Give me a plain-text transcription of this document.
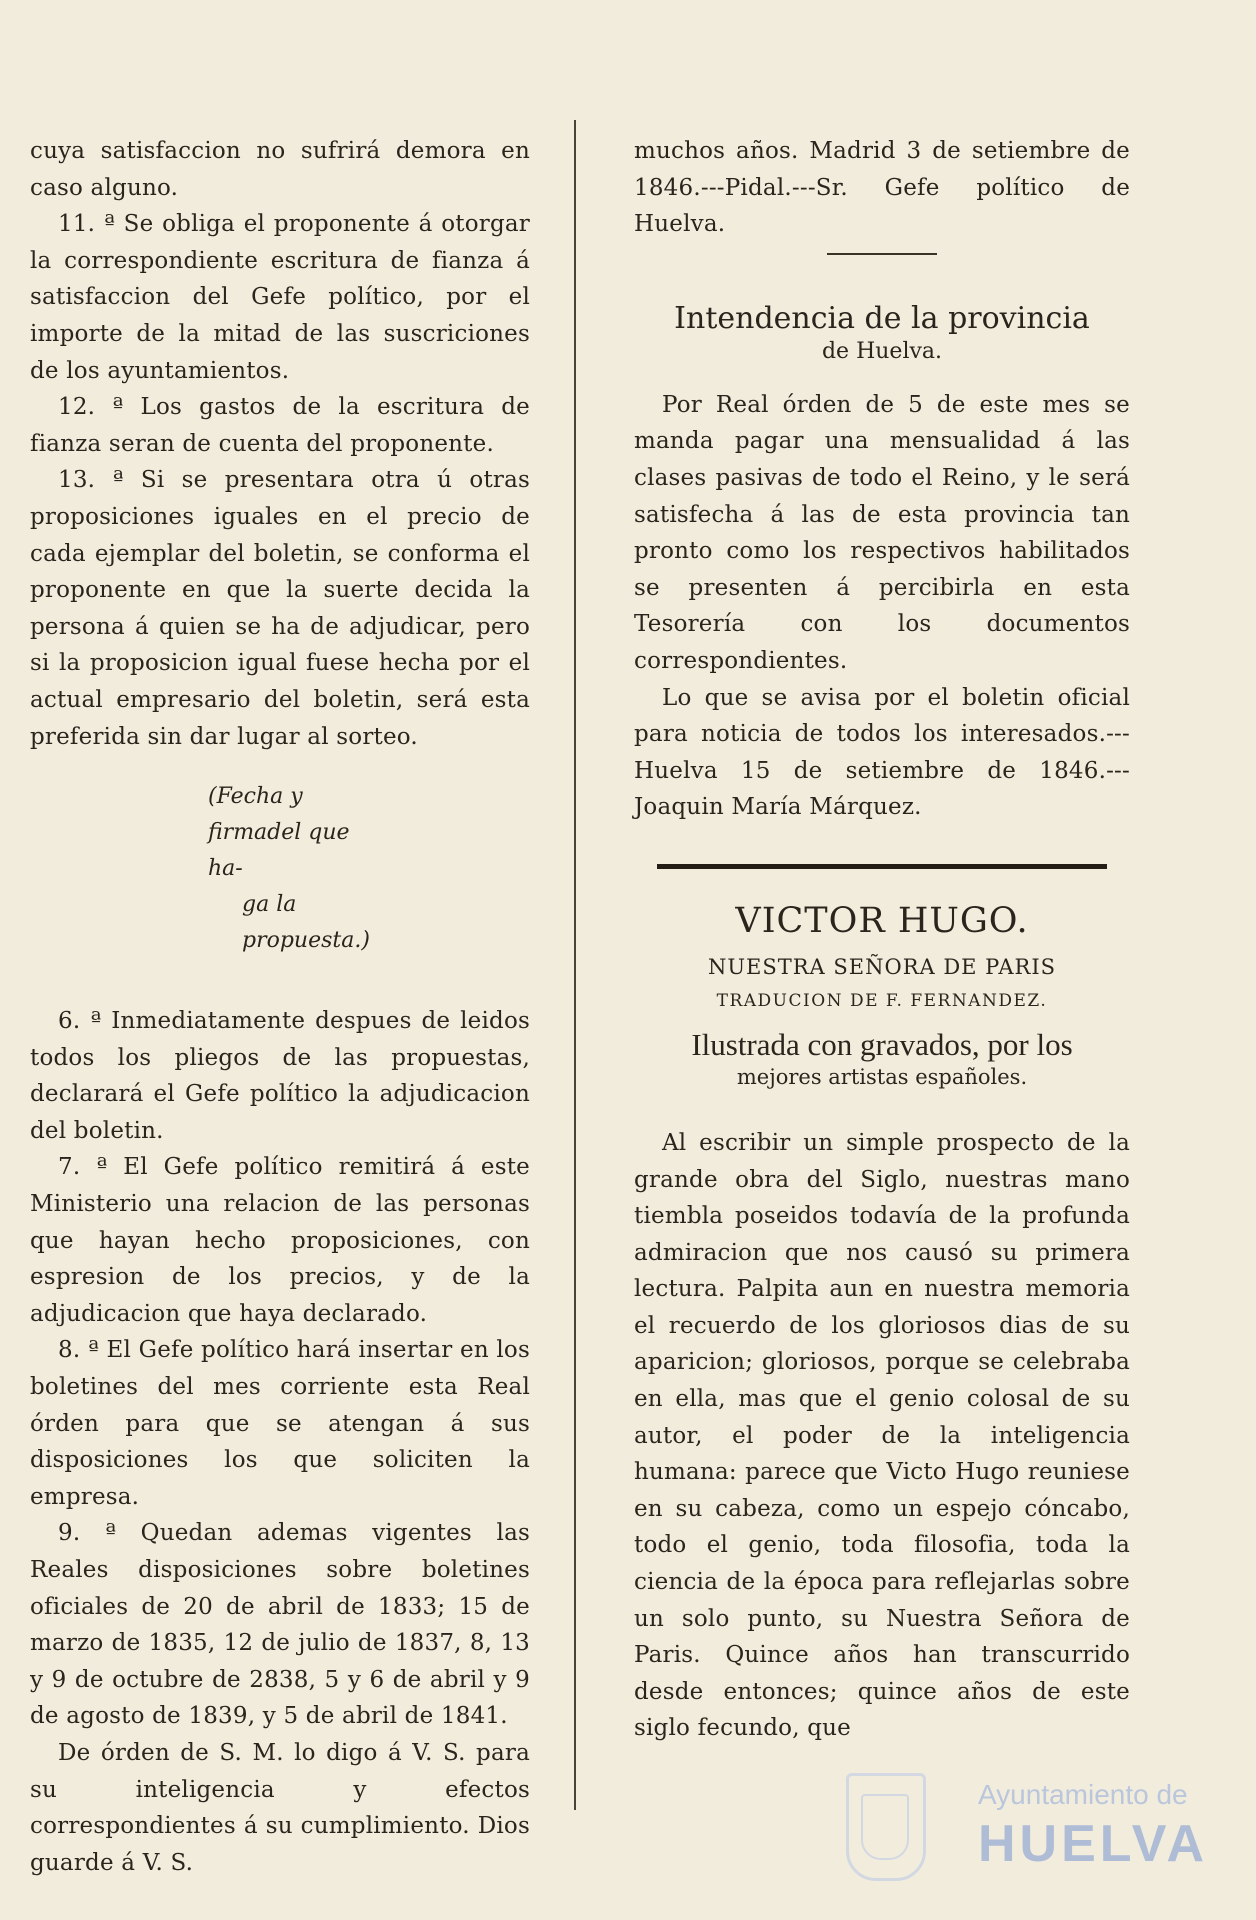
cuya satisfaccion no sufrirá demora en caso alguno.

11. ª Se obliga el proponente á otorgar la correspondiente escritura de fianza á satisfaccion del Gefe político, por el importe de la mitad de las suscriciones de los ayuntamientos.

12. ª Los gastos de la escritura de fianza seran de cuenta del proponente.

13. ª Si se presentara otra ú otras proposiciones iguales en el precio de cada ejemplar del boletin, se conforma el proponente en que la suerte decida la persona á quien se ha de adjudicar, pero si la proposicion igual fuese hecha por el actual empresario del boletin, será esta preferida sin dar lugar al sorteo.

(Fecha y firmadel que ha-
ga la propuesta.)

6. ª Inmediatamente despues de leidos todos los pliegos de las propuestas, declarará el Gefe político la adjudicacion del boletin.

7. ª El Gefe político remitirá á este Ministerio una relacion de las personas que hayan hecho proposiciones, con espresion de los precios, y de la adjudicacion que haya declarado.

8. ª El Gefe político hará insertar en los boletines del mes corriente esta Real órden para que se atengan á sus disposiciones los que soliciten la empresa.

9. ª Quedan ademas vigentes las Reales disposiciones sobre boletines oficiales de 20 de abril de 1833; 15 de marzo de 1835, 12 de julio de 1837, 8, 13 y 9 de octubre de 2838, 5 y 6 de abril y 9 de agosto de 1839, y 5 de abril de 1841.

De órden de S. M. lo digo á V. S. para su inteligencia y efectos correspondientes á su cumplimiento. Dios guarde á V. S.

muchos años. Madrid 3 de setiembre de 1846.---Pidal.---Sr. Gefe político de Huelva.

Intendencia de la provincia
de Huelva.

Por Real órden de 5 de este mes se manda pagar una mensualidad á las clases pasivas de todo el Reino, y le será satisfecha á las de esta provincia tan pronto como los respectivos habilitados se presenten á percibirla en esta Tesorería con los documentos correspondientes.

Lo que se avisa por el boletin oficial para noticia de todos los interesados.--- Huelva 15 de setiembre de 1846.---Joaquin María Márquez.

VICTOR HUGO.
NUESTRA SEÑORA DE PARIS
TRADUCION DE F. FERNANDEZ.
Ilustrada con gravados, por los
mejores artistas españoles.

Al escribir un simple prospecto de la grande obra del Siglo, nuestras mano tiembla poseidos todavía de la profunda admiracion que nos causó su primera lectura. Palpita aun en nuestra memoria el recuerdo de los gloriosos dias de su aparicion; gloriosos, porque se celebraba en ella, mas que el genio colosal de su autor, el poder de la inteligencia humana: parece que Victo Hugo reuniese en su cabeza, como un espejo cóncabo, todo el genio, toda filosofia, toda la ciencia de la época para reflejarlas sobre un solo punto, su Nuestra Señora de Paris. Quince años han transcurrido desde entonces; quince años de este siglo fecundo, que

Ayuntamiento de
HUELVA
